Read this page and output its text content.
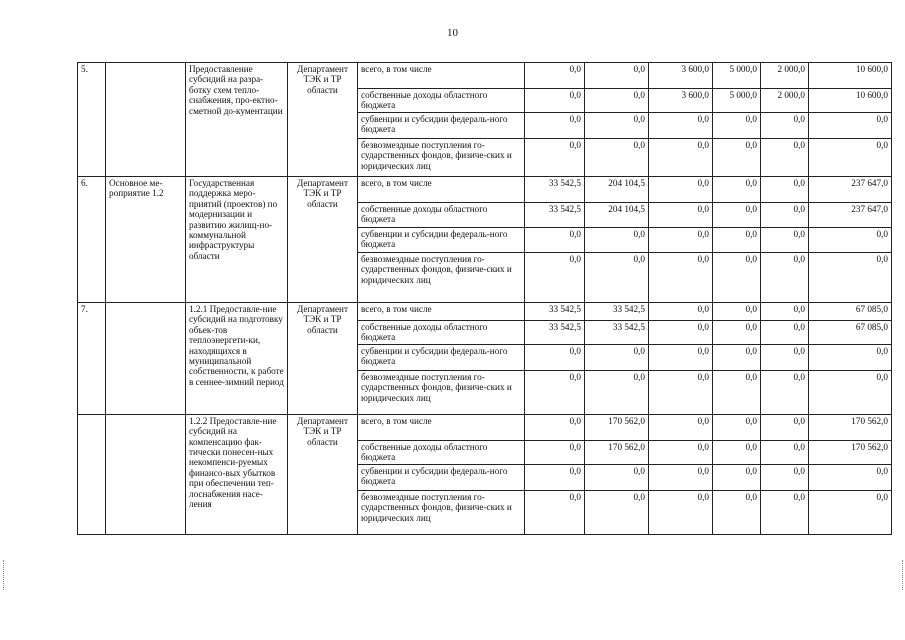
10
5.		Предоставление субсидий на разра-ботку схем тепло-снабжения, про-ектно-сметной до-кументации	Департамент ТЭК и ТР области	всего, в том числе	0,0	0,0	3 600,0	5 000,0	2 000,0	10 600,0
				собственные доходы областного бюджета	0,0	0,0	3 600,0	5 000,0	2 000,0	10 600,0
				субвенции и субсидии федераль-ного бюджета	0,0	0,0	0,0	0,0	0,0	0,0
				безвозмездные поступления го-сударственных фондов, физиче-ских и юридических лиц	0,0	0,0	0,0	0,0	0,0	0,0
6.	Основное ме-роприятие 1.2	Государственная поддержка меро-приятий (проектов) по модернизации и развитию жилищ-но-коммунальной инфраструктуры области	Департамент ТЭК и ТР области	всего, в том числе	33 542,5	204 104,5	0,0	0,0	0,0	237 647,0
				собственные доходы областного бюджета	33 542,5	204 104,5	0,0	0,0	0,0	237 647,0
				субвенции и субсидии федераль-ного бюджета	0,0	0,0	0,0	0,0	0,0	0,0
				безвозмездные поступления го-сударственных фондов, физиче-ских и юридических лиц	0,0	0,0	0,0	0,0	0,0	0,0
7.		1.2.1 Предоставле-ние субсидий на подготовку объек-тов теплоэнергети-ки, находящихся в муниципальной собственности, к работе в сеннее-зимний период	Департамент ТЭК и ТР области	всего, в том числе	33 542,5	33 542,5	0,0	0,0	0,0	67 085,0
				собственные доходы областного бюджета	33 542,5	33 542,5	0,0	0,0	0,0	67 085,0
				субвенции и субсидии федераль-ного бюджета	0,0	0,0	0,0	0,0	0,0	0,0
				безвозмездные поступления го-сударственных фондов, физиче-ских и юридических лиц	0,0	0,0	0,0	0,0	0,0	0,0
		1.2.2 Предоставле-ние субсидий на компенсацию фак-тически понесен-ных некомпенси-руемых финансо-вых убытков при обеспечении теп-лоснабжения насе-ления	Департамент ТЭК и ТР области	всего, в том числе	0,0	170 562,0	0,0	0,0	0,0	170 562,0
				собственные доходы областного бюджета	0,0	170 562,0	0,0	0,0	0,0	170 562,0
				субвенции и субсидии федераль-ного бюджета	0,0	0,0	0,0	0,0	0,0	0,0
				безвозмездные поступления го-сударственных фондов, физиче-ских и юридических лиц	0,0	0,0	0,0	0,0	0,0	0,0
